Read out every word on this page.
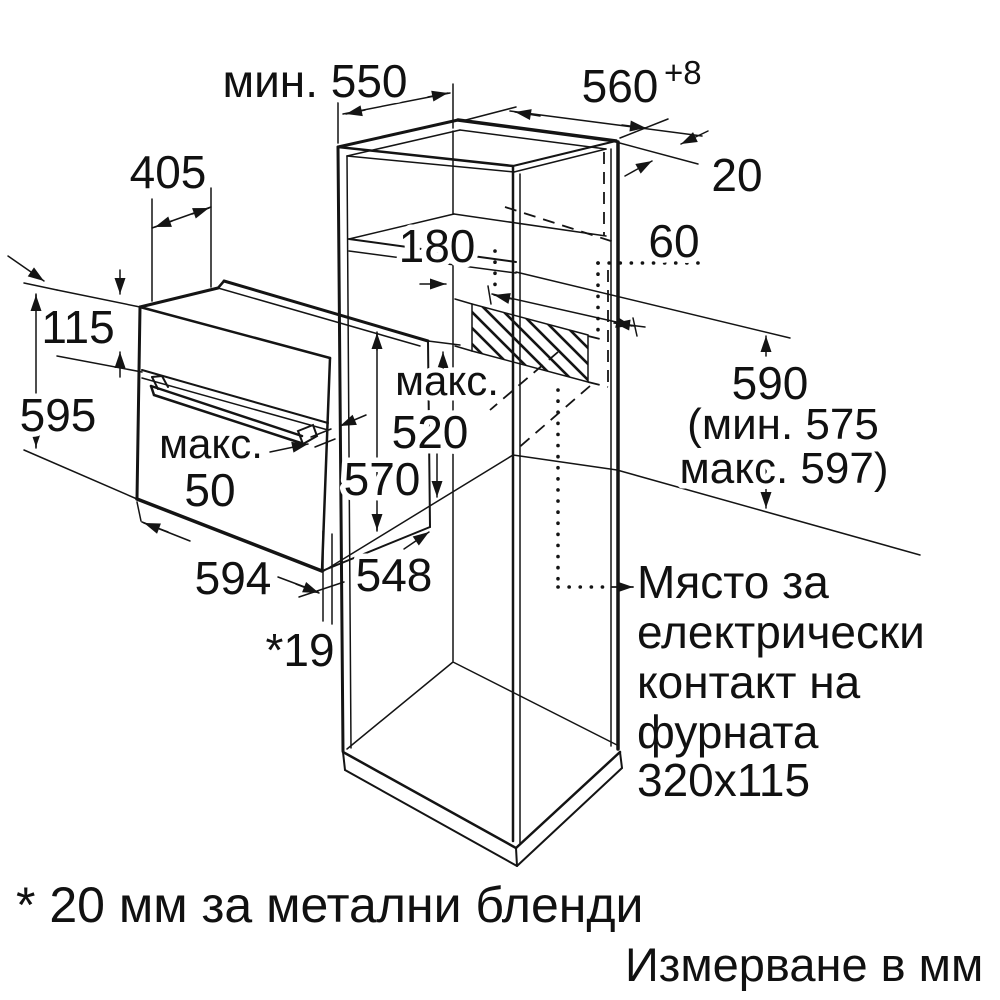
мин. 550	560 +8
20
405
180	60
115
595
макс.
520
570
макс.
50
594 548
*19
590
(мин. 575
макс. 597)
Място за
електрически
контакт на
фурната
320x115
* 20 мм за метални бленди
Измерване в мм
